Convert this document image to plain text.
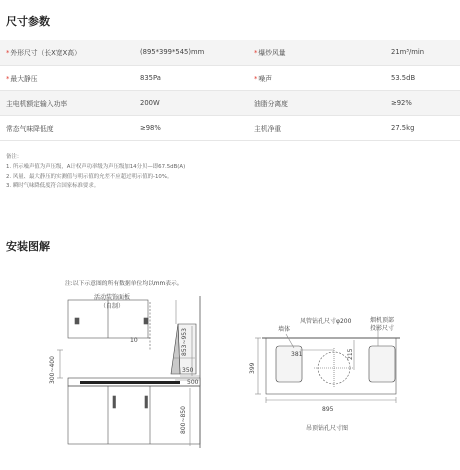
尺寸参数
*外形尺寸（长X宽X高）	(895*399*545)mm	*爆炒风量	21m³/min
*最大静压	835Pa	*噪声	53.5dB
主电机额定输入功率	200W	油脂分离度	≥92%
常态气味降低度	≥98%	主机净重	27.5kg
备注：
1. 所示噪声值为声压级，A计权声功率级为声压级加14分贝—即67.5dB(A)
2. 风量、最大静压的实测值与明示值的允差不应超过明示值的-10%。
3. 瞬时气味降低度符合国家标准要求。
安装图解
注:以下示意图的所有数据单位均以mm表示。
活动装饰面板
（自制）
10	853~953
350
500
300~400
800~850
墙体
风管钻孔尺寸φ200	烟机顶部
投影尺寸
381	215
399
895
吊顶钻孔尺寸图
